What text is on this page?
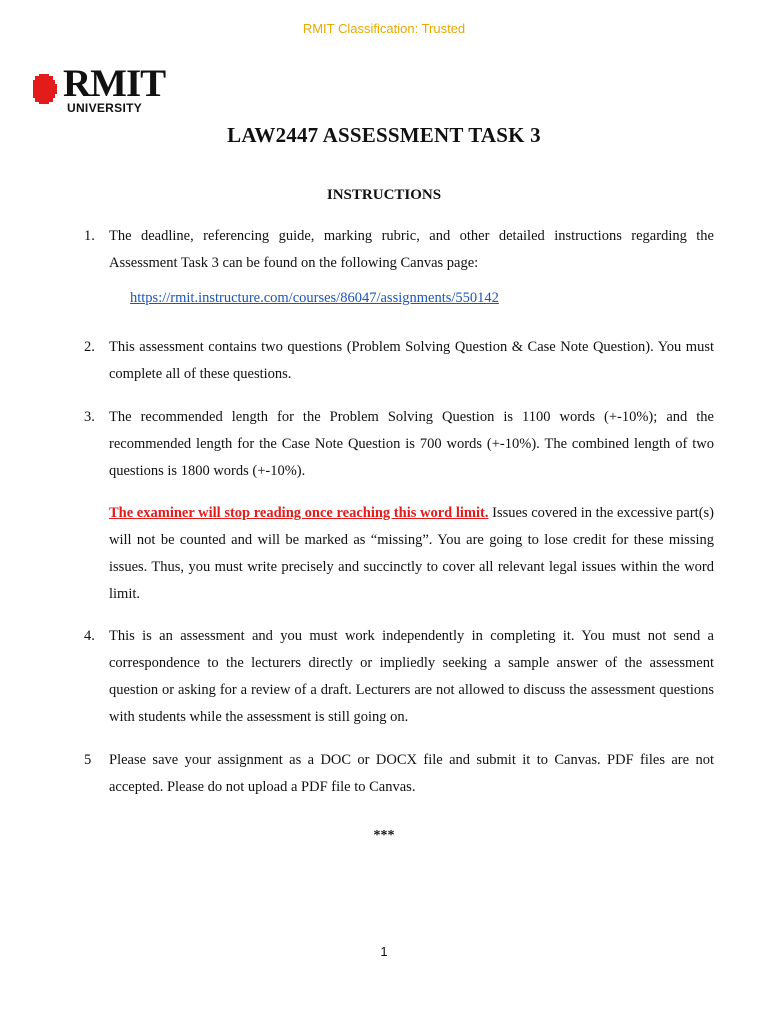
RMIT Classification: Trusted
RMIT
UNIVERSITY
LAW2447 ASSESSMENT TASK 3
INSTRUCTIONS
1. The deadline, referencing guide, marking rubric, and other detailed instructions regarding the Assessment Task 3 can be found on the following Canvas page:
https://rmit.instructure.com/courses/86047/assignments/550142
2. This assessment contains two questions (Problem Solving Question & Case Note Question). You must complete all of these questions.
3. The recommended length for the Problem Solving Question is 1100 words (+-10%); and the recommended length for the Case Note Question is 700 words (+-10%). The combined length of two questions is 1800 words (+-10%).
The examiner will stop reading once reaching this word limit. Issues covered in the excessive part(s) will not be counted and will be marked as “missing”. You are going to lose credit for these missing issues. Thus, you must write precisely and succinctly to cover all relevant legal issues within the word limit.
4. This is an assessment and you must work independently in completing it. You must not send a correspondence to the lecturers directly or impliedly seeking a sample answer of the assessment question or asking for a review of a draft. Lecturers are not allowed to discuss the assessment questions with students while the assessment is still going on.
5	Please save your assignment as a DOC or DOCX file and submit it to Canvas. PDF files are not accepted. Please do not upload a PDF file to Canvas.
***
1
